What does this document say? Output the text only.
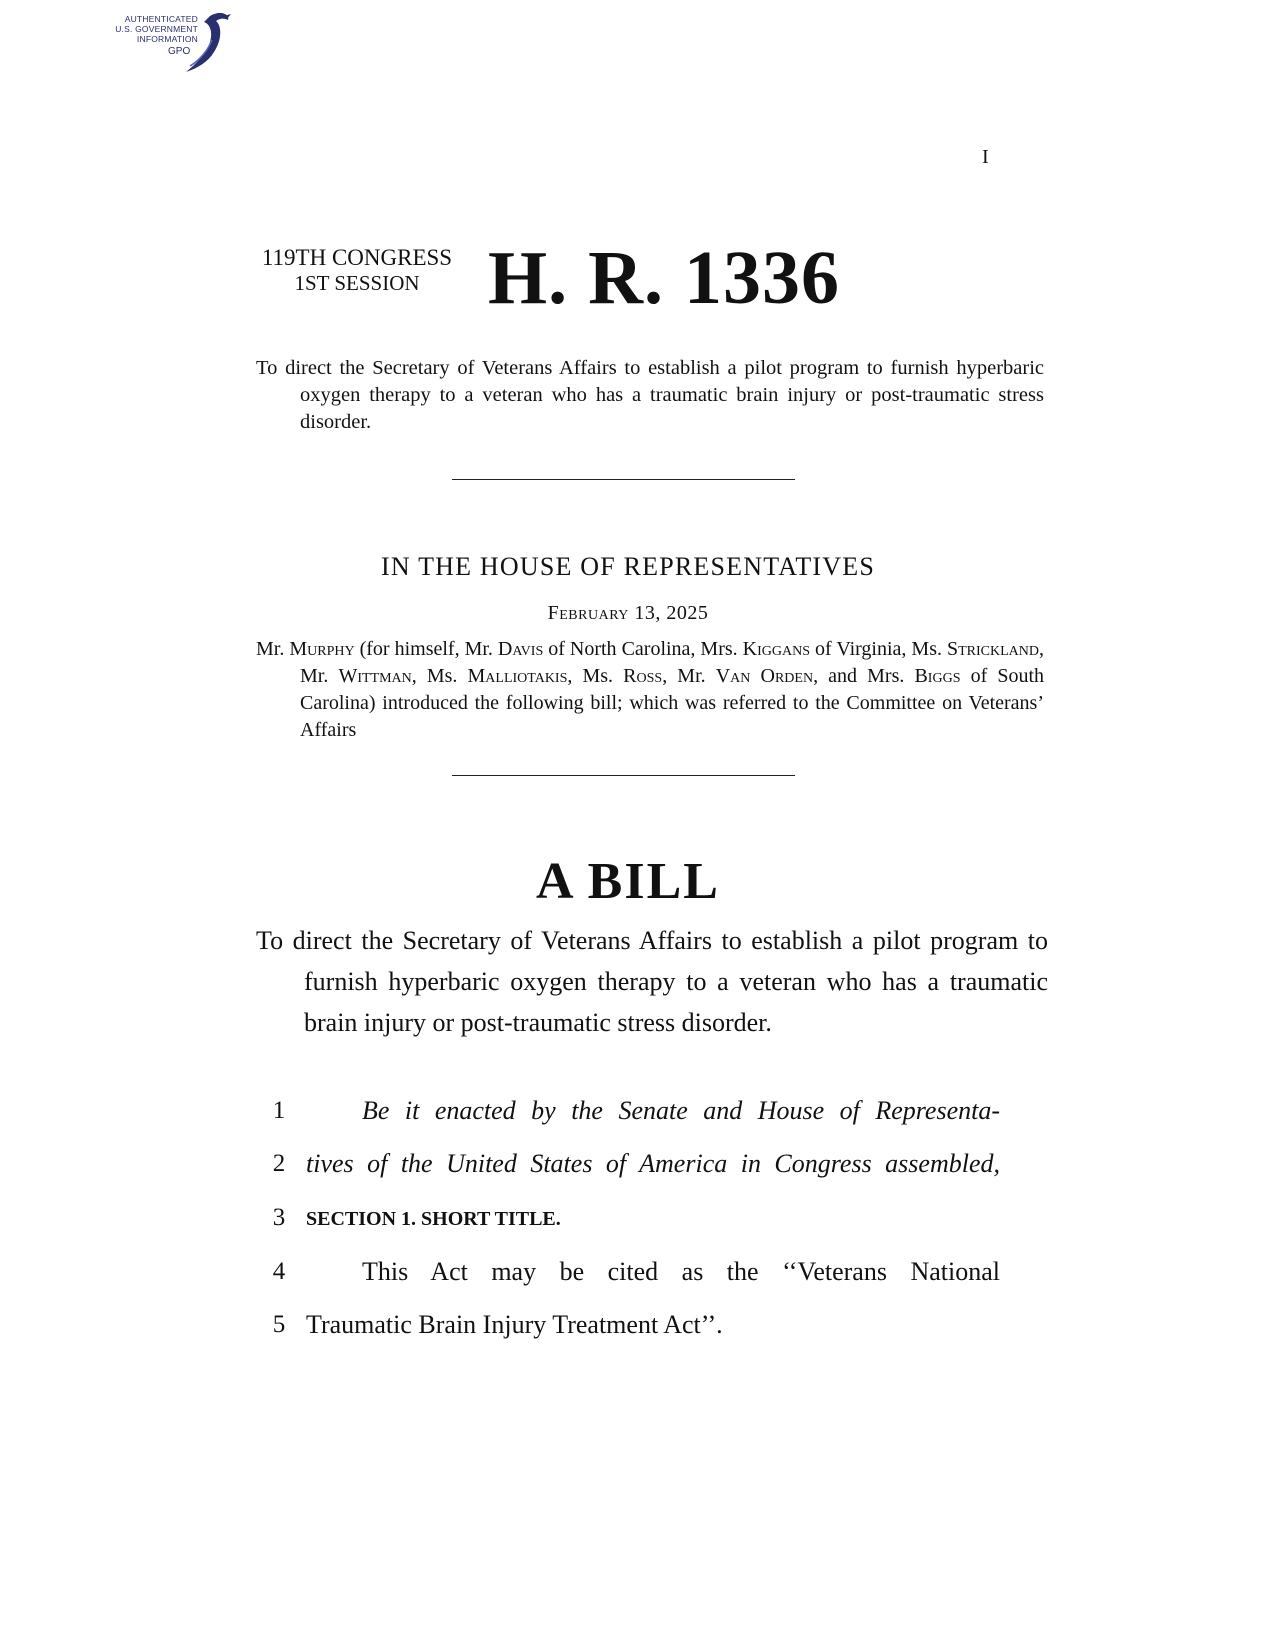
AUTHENTICATED
U.S. GOVERNMENT
INFORMATION
GPO
I
119TH CONGRESS
1ST SESSION H. R. 1336
To direct the Secretary of Veterans Affairs to establish a pilot program to furnish hyperbaric oxygen therapy to a veteran who has a traumatic brain injury or post-traumatic stress disorder.
IN THE HOUSE OF REPRESENTATIVES
February 13, 2025
Mr. Murphy (for himself, Mr. Davis of North Carolina, Mrs. Kiggans of Virginia, Ms. Strickland, Mr. Wittman, Ms. Malliotakis, Ms. Ross, Mr. Van Orden, and Mrs. Biggs of South Carolina) introduced the following bill; which was referred to the Committee on Veterans’ Affairs
A BILL
To direct the Secretary of Veterans Affairs to establish a pilot program to furnish hyperbaric oxygen therapy to a veteran who has a traumatic brain injury or post-traumatic stress disorder.
1	Be it enacted by the Senate and House of Representa-
2 tives of the United States of America in Congress assembled,
3	SECTION 1. SHORT TITLE.
4	This Act may be cited as the ‘‘Veterans National
5 Traumatic Brain Injury Treatment Act’’.
